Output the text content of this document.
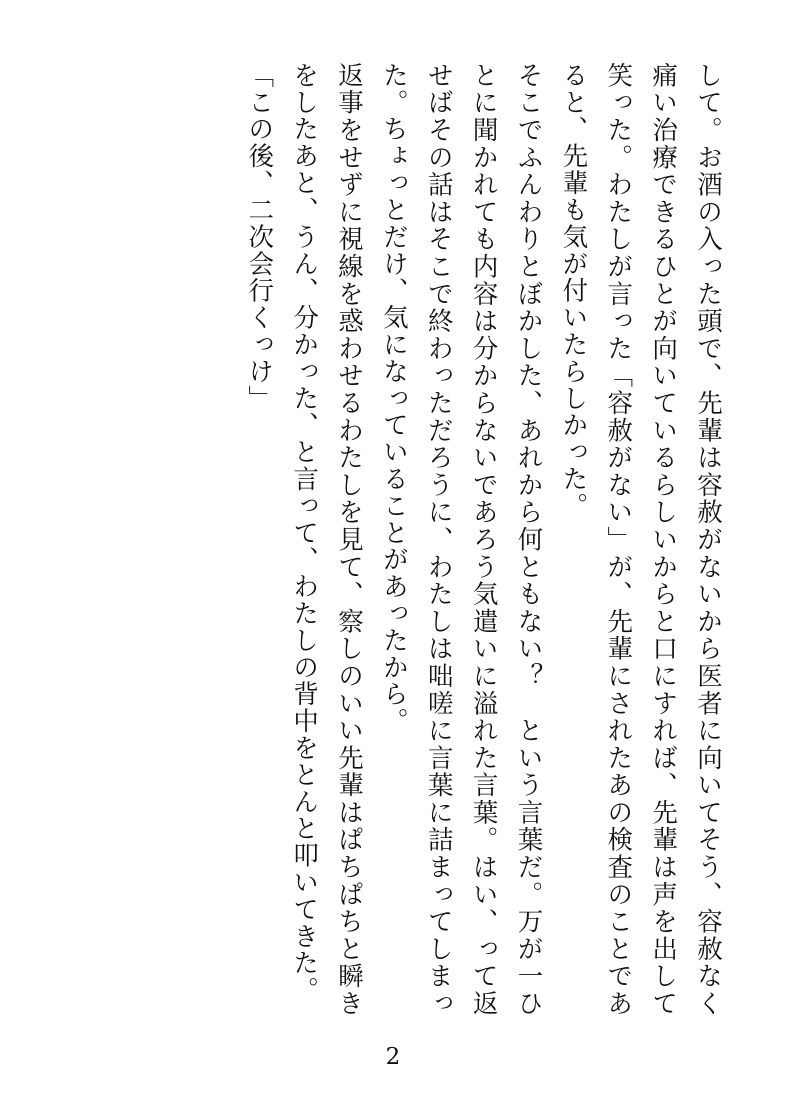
して。お酒の入った頭で、先輩は容赦がないから医者に向いてそう、容赦なく痛い治療できるひとが向いているらしいからと口にすれば、先輩は声を出して笑った。わたしが言った「容赦がない」が、先輩にされたあの検査のことであると、先輩も気が付いたらしかった。

そこでふんわりとぼかした、あれから何ともない？　という言葉だ。万が一ひとに聞かれても内容は分からないであろう気遣いに溢れた言葉。はい、って返せばその話はそこで終わっただろうに、わたしは咄嗟に言葉に詰まってしまった。ちょっとだけ、気になっていることがあったから。

返事をせずに視線を惑わせるわたしを見て、察しのいい先輩はぱちぱちと瞬きをしたあと、うん、分かった、と言って、わたしの背中をとんと叩いてきた。

「この後、二次会行くっけ」

2
